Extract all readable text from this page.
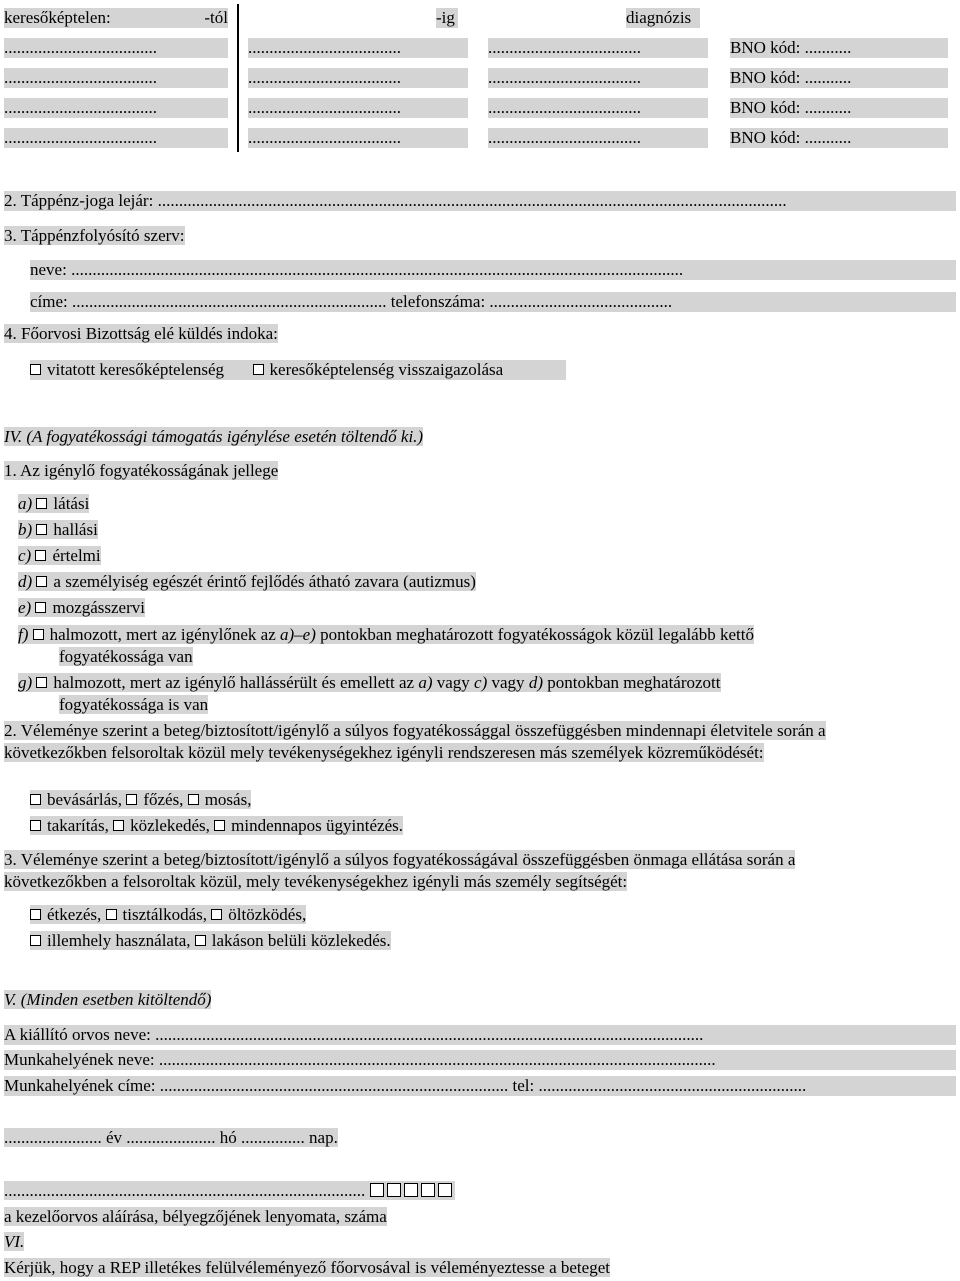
keresőképtelen:	-tól	-ig	diagnózis
....................................	....................................	....................................	BNO kód: ...........
....................................	....................................	....................................	BNO kód: ...........
....................................	....................................	....................................	BNO kód: ...........
....................................	....................................	....................................	BNO kód: ...........
2. Táppénz-joga lejár: ....................................................................................................................................................
3. Táppénzfolyósító szerv:
neve: ................................................................................................................................................
címe: .......................................................................... telefonszáma: ...........................................
4. Főorvosi Bizottság elé küldés indoka:
vitatott keresőképtelenség	keresőképtelenség visszaigazolása
IV. (A fogyatékossági támogatás igénylése esetén töltendő ki.)
1. Az igénylő fogyatékosságának jellege
a) látási
b) hallási
c) értelmi
d) a személyiség egészét érintő fejlődés átható zavara (autizmus)
e) mozgásszervi
f) halmozott, mert az igénylőnek az a)–e) pontokban meghatározott fogyatékosságok közül legalább kettő
fogyatékossága van
g) halmozott, mert az igénylő hallássérült és emellett az a) vagy c) vagy d) pontokban meghatározott
fogyatékossága is van
2. Véleménye szerint a beteg/biztosított/igénylő a súlyos fogyatékossággal összefüggésben mindennapi életvitele során a következőkben felsoroltak közül mely tevékenységekhez igényli rendszeresen más személyek közreműködését:
bevásárlás, főzés, mosás,
takarítás, közlekedés, mindennapos ügyintézés.
3. Véleménye szerint a beteg/biztosított/igénylő a súlyos fogyatékosságával összefüggésben önmaga ellátása során a következőkben a felsoroltak közül, mely tevékenységekhez igényli más személy segítségét:
étkezés, tisztálkodás, öltözködés,
illemhely használata, lakáson belüli közlekedés.
V. (Minden esetben kitöltendő)
A kiállító orvos neve: .................................................................................................................................
Munkahelyének neve: ...................................................................................................................................
Munkahelyének címe: .................................................................................. tel: ...............................................................
....................... év ..................... hó ............... nap.
.....................................................................................
a kezelőorvos aláírása, bélyegzőjének lenyomata, száma
VI.
Kérjük, hogy a REP illetékes felülvéleményező főorvosával is véleményeztesse a beteget
